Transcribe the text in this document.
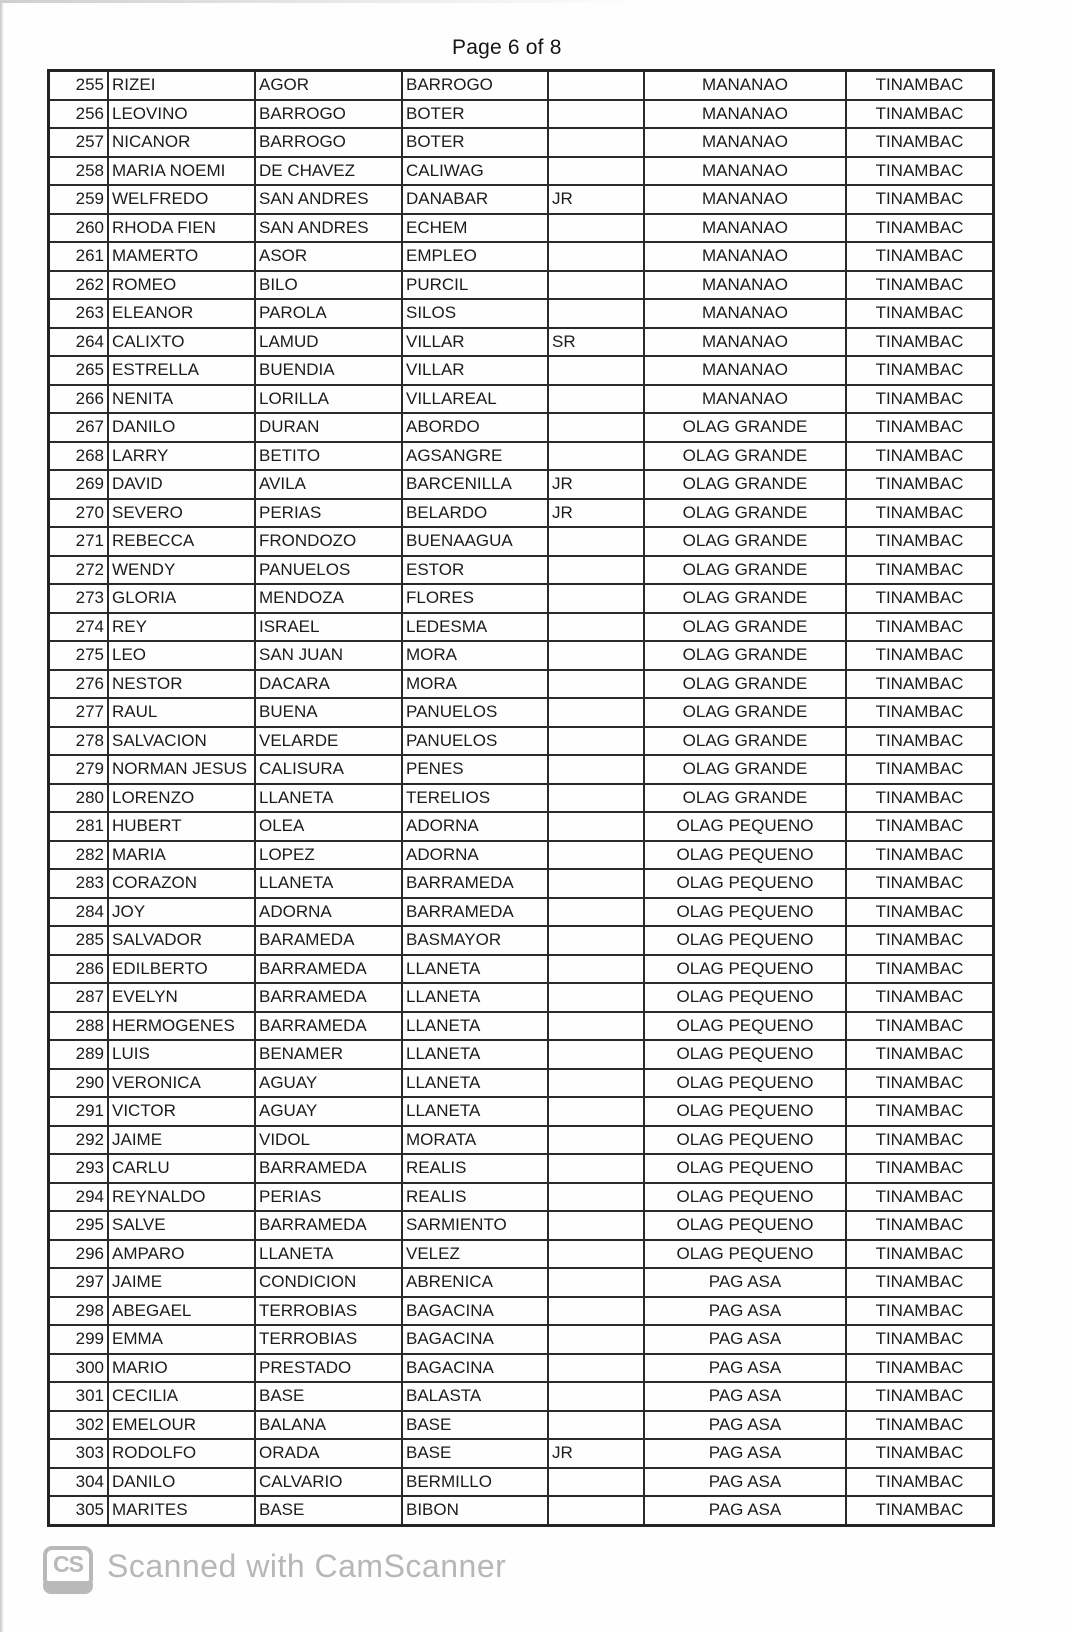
Page 6 of 8
255	RIZEI	AGOR	BARROGO		MANANAO	TINAMBAC
256	LEOVINO	BARROGO	BOTER		MANANAO	TINAMBAC
257	NICANOR	BARROGO	BOTER		MANANAO	TINAMBAC
258	MARIA NOEMI	DE CHAVEZ	CALIWAG		MANANAO	TINAMBAC
259	WELFREDO	SAN ANDRES	DANABAR	JR	MANANAO	TINAMBAC
260	RHODA FIEN	SAN ANDRES	ECHEM		MANANAO	TINAMBAC
261	MAMERTO	ASOR	EMPLEO		MANANAO	TINAMBAC
262	ROMEO	BILO	PURCIL		MANANAO	TINAMBAC
263	ELEANOR	PAROLA	SILOS		MANANAO	TINAMBAC
264	CALIXTO	LAMUD	VILLAR	SR	MANANAO	TINAMBAC
265	ESTRELLA	BUENDIA	VILLAR		MANANAO	TINAMBAC
266	NENITA	LORILLA	VILLAREAL		MANANAO	TINAMBAC
267	DANILO	DURAN	ABORDO		OLAG GRANDE	TINAMBAC
268	LARRY	BETITO	AGSANGRE		OLAG GRANDE	TINAMBAC
269	DAVID	AVILA	BARCENILLA	JR	OLAG GRANDE	TINAMBAC
270	SEVERO	PERIAS	BELARDO	JR	OLAG GRANDE	TINAMBAC
271	REBECCA	FRONDOZO	BUENAAGUA		OLAG GRANDE	TINAMBAC
272	WENDY	PANUELOS	ESTOR		OLAG GRANDE	TINAMBAC
273	GLORIA	MENDOZA	FLORES		OLAG GRANDE	TINAMBAC
274	REY	ISRAEL	LEDESMA		OLAG GRANDE	TINAMBAC
275	LEO	SAN JUAN	MORA		OLAG GRANDE	TINAMBAC
276	NESTOR	DACARA	MORA		OLAG GRANDE	TINAMBAC
277	RAUL	BUENA	PANUELOS		OLAG GRANDE	TINAMBAC
278	SALVACION	VELARDE	PANUELOS		OLAG GRANDE	TINAMBAC
279	NORMAN JESUS	CALISURA	PENES		OLAG GRANDE	TINAMBAC
280	LORENZO	LLANETA	TERELIOS		OLAG GRANDE	TINAMBAC
281	HUBERT	OLEA	ADORNA		OLAG PEQUENO	TINAMBAC
282	MARIA	LOPEZ	ADORNA		OLAG PEQUENO	TINAMBAC
283	CORAZON	LLANETA	BARRAMEDA		OLAG PEQUENO	TINAMBAC
284	JOY	ADORNA	BARRAMEDA		OLAG PEQUENO	TINAMBAC
285	SALVADOR	BARAMEDA	BASMAYOR		OLAG PEQUENO	TINAMBAC
286	EDILBERTO	BARRAMEDA	LLANETA		OLAG PEQUENO	TINAMBAC
287	EVELYN	BARRAMEDA	LLANETA		OLAG PEQUENO	TINAMBAC
288	HERMOGENES	BARRAMEDA	LLANETA		OLAG PEQUENO	TINAMBAC
289	LUIS	BENAMER	LLANETA		OLAG PEQUENO	TINAMBAC
290	VERONICA	AGUAY	LLANETA		OLAG PEQUENO	TINAMBAC
291	VICTOR	AGUAY	LLANETA		OLAG PEQUENO	TINAMBAC
292	JAIME	VIDOL	MORATA		OLAG PEQUENO	TINAMBAC
293	CARLU	BARRAMEDA	REALIS		OLAG PEQUENO	TINAMBAC
294	REYNALDO	PERIAS	REALIS		OLAG PEQUENO	TINAMBAC
295	SALVE	BARRAMEDA	SARMIENTO		OLAG PEQUENO	TINAMBAC
296	AMPARO	LLANETA	VELEZ		OLAG PEQUENO	TINAMBAC
297	JAIME	CONDICION	ABRENICA		PAG ASA	TINAMBAC
298	ABEGAEL	TERROBIAS	BAGACINA		PAG ASA	TINAMBAC
299	EMMA	TERROBIAS	BAGACINA		PAG ASA	TINAMBAC
300	MARIO	PRESTADO	BAGACINA		PAG ASA	TINAMBAC
301	CECILIA	BASE	BALASTA		PAG ASA	TINAMBAC
302	EMELOUR	BALANA	BASE		PAG ASA	TINAMBAC
303	RODOLFO	ORADA	BASE	JR	PAG ASA	TINAMBAC
304	DANILO	CALVARIO	BERMILLO		PAG ASA	TINAMBAC
305	MARITES	BASE	BIBON		PAG ASA	TINAMBAC
CS Scanned with CamScanner
